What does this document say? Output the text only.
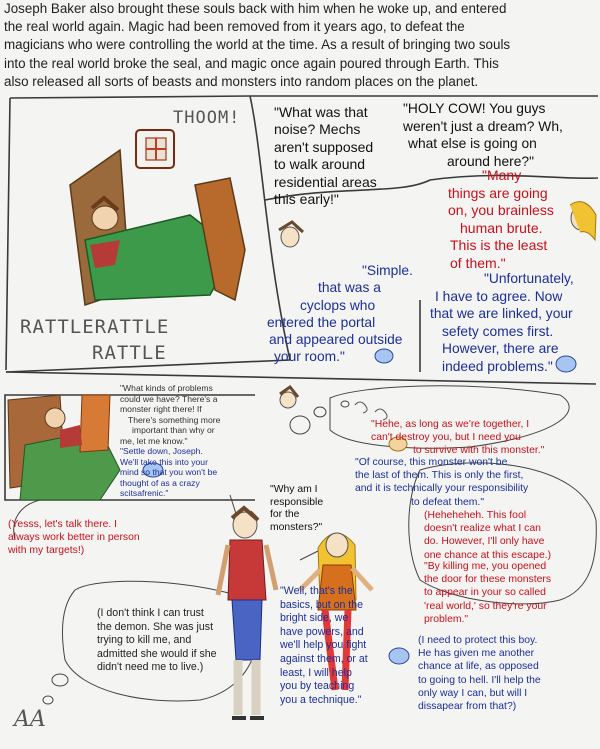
Joseph Baker also brought these souls back with him when he woke up, and entered
the real world again. Magic had been removed from it years ago, to defeat the
magicians who were controlling the world at the time. As a result of bringing two souls
into the real world broke the seal, and magic once again poured through Earth. This
also released all sorts of beasts and monsters into random places on the planet.
THOOM!
RATTLERATTLE
RATTLE
"What was that
noise? Mechs
aren't supposed
to walk around
residential areas
this early!"
"HOLY COW! You guys
weren't just a dream? Wh,
what else is going on
around here?"
"Many
things are going
on, you brainless
human brute.
This is the least
of them."
"Simple.
that was a
cyclops who
entered the portal
and appeared outside
your room."
"Unfortunately,
I have to agree. Now
that we are linked, your
sefety comes first.
However, there are
indeed problems."
"What kinds of problems
could we have? There's a
monster right there! If
There's something more
important than why or
me, let me know."
"Settle down, Joseph.
We'll take this into your
mind so that you won't be
thought of as a crazy
scitsafrenic."
(Yesss, let's talk there. I
always work better in person
with my targets!)
"Hehe, as long as we're together, I
can't destroy you, but I need you
to survive with this monster."
"Of course, this monster won't be
the last of them. This is only the first,
and it is technically your responsibility
to defeat them."
"Why am I
responsible
for the
monsters?"
(Heheheheh. This fool
doesn't realize what I can
do. However, I'll only have
one chance at this escape.)
"By killing me, you opened
the door for these monsters
to appear in your so called
'real world,' so they're your
problem."
(I don't think I can trust
the demon. She was just
trying to kill me, and
admitted she would if she
didn't need me to live.)
"Well, that's the
basics, but on the
bright side, we
have powers, and
we'll help you fight
against them, or at
least, I will help
you by teaching
you a technique."
(I need to protect this boy.
He has given me another
chance at life, as opposed
to going to hell. I'll help the
only way I can, but will I
dissapear from that?)
AA
